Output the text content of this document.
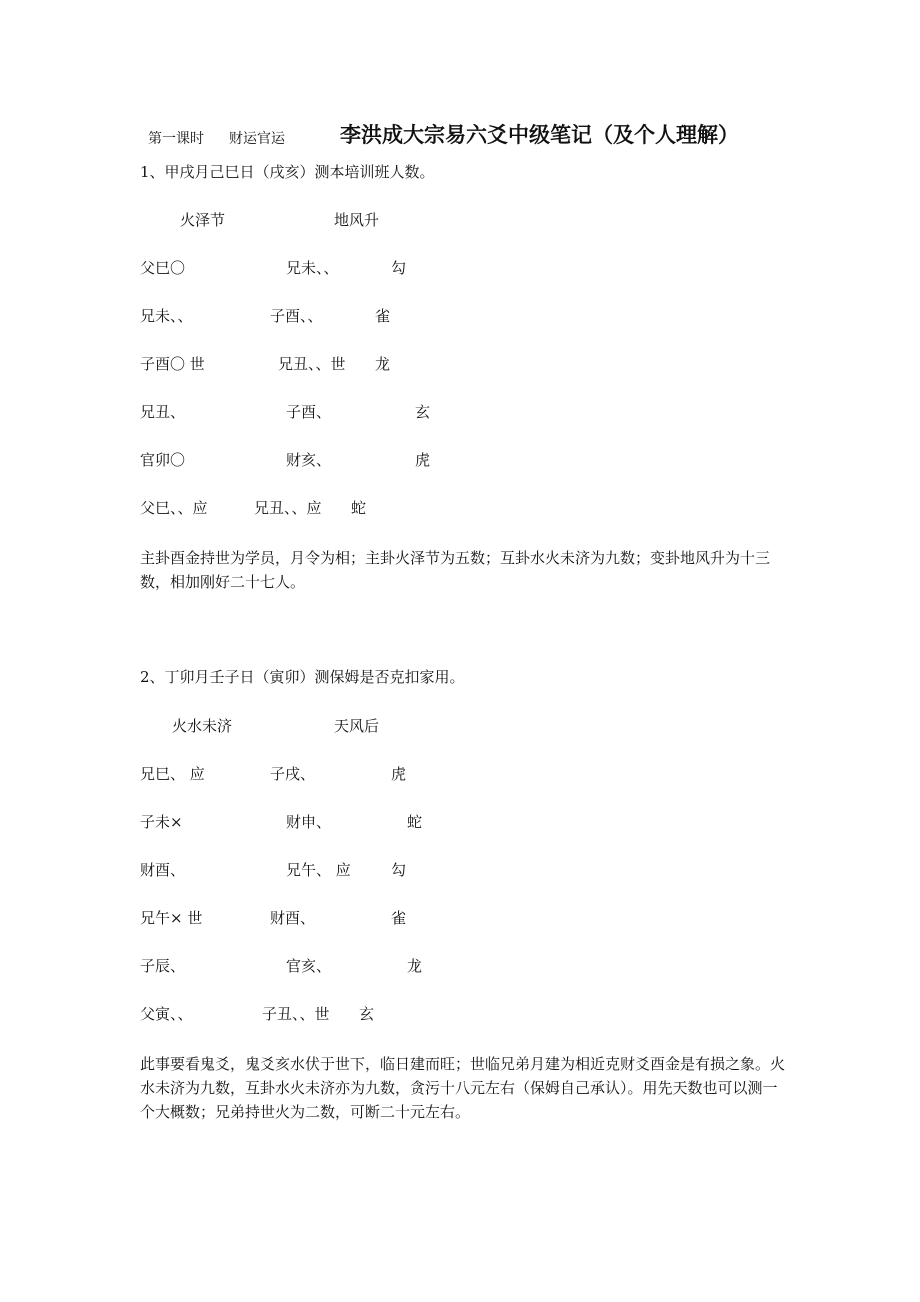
第一课时 财运官运	李洪成大宗易六爻中级笔记（及个人理解）
1、甲戌月己巳日（戌亥）测本培训班人数。
火泽节	地风升
父巳〇	兄未、、	勾
兄未、、	子酉、、	雀
子酉〇 世	兄丑、、世 龙
兄丑、	子酉、	玄
官卯〇	财亥、	虎
父巳、、应	兄丑、、应 蛇
主卦酉金持世为学员，月令为相；主卦火泽节为五数；互卦水火未济为九数；变卦地风升为十三数，相加刚好二十七人。
2、丁卯月壬子日（寅卯）测保姆是否克扣家用。
火水未济	天风后
兄巳、 应	子戌、	虎
子未×	财申、	蛇
财酉、	兄午、 应	勾
兄午× 世	财酉、	雀
子辰、	官亥、	龙
父寅、、	子丑、、世 玄
此事要看鬼爻，鬼爻亥水伏于世下，临日建而旺；世临兄弟月建为相近克财爻酉金是有损之象。火水未济为九数，互卦水火未济亦为九数，贪污十八元左右（保姆自己承认）。用先天数也可以测一个大概数；兄弟持世火为二数，可断二十元左右。
